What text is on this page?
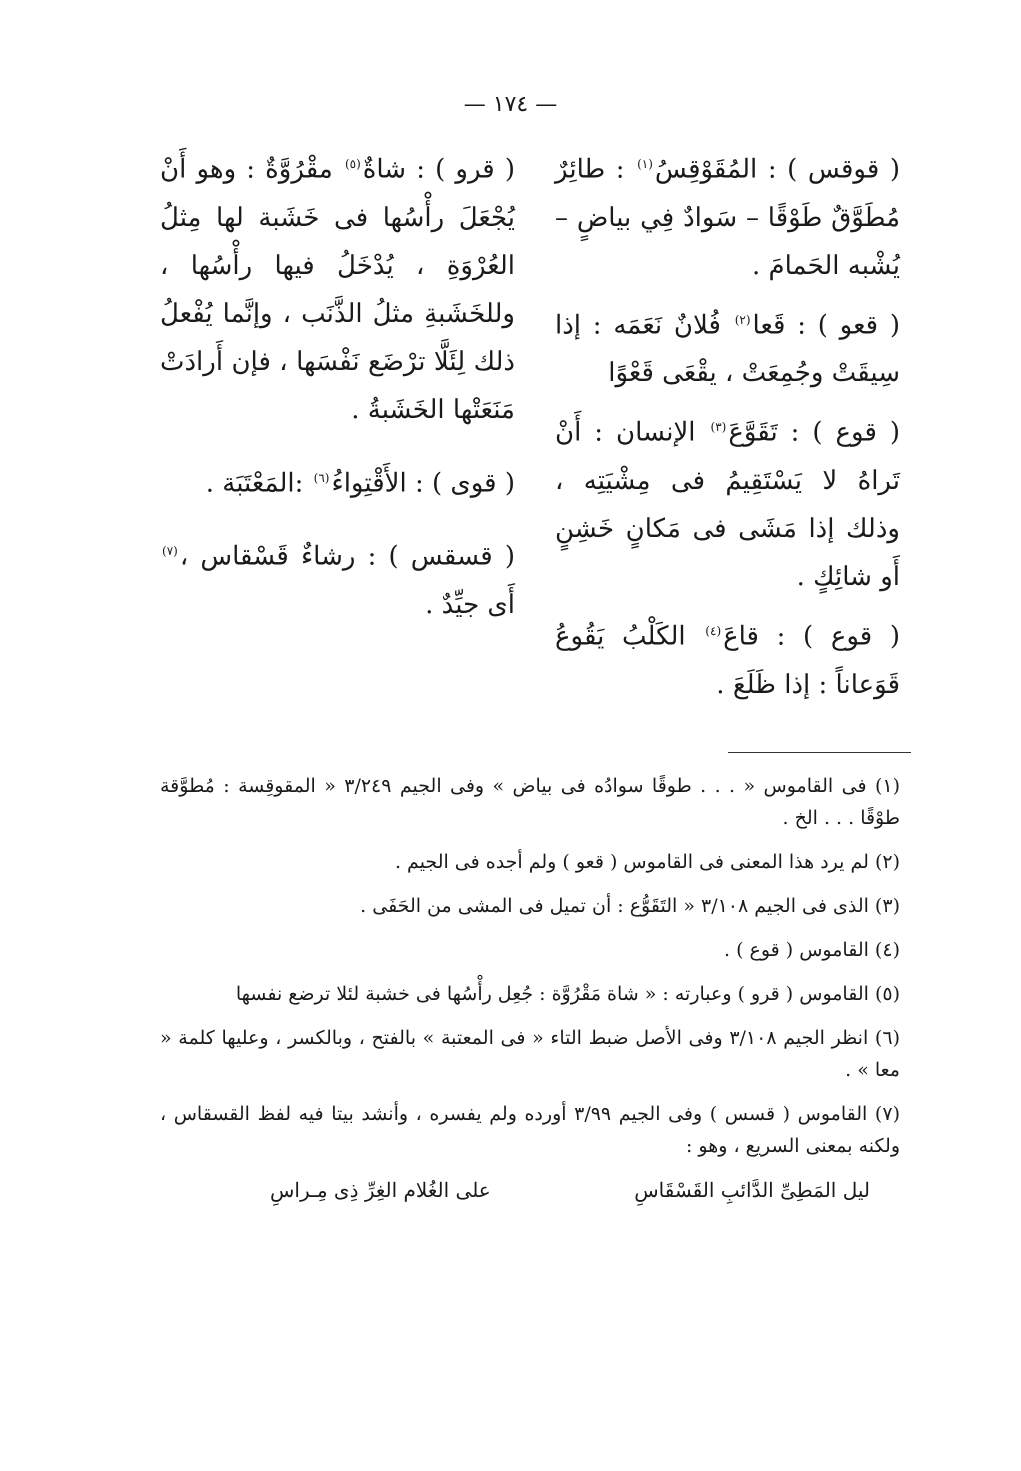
— ١٧٤ —

( قوقس ) : المُقَوْقِسُ$^{(١)}$ : طائِرٌ مُطَوَّقٌ طَوْقًا – سَوادٌ فِي بياضٍ – يُشْبه الحَمامَ .

( قعو ) : قَعا$^{(٢)}$ فُلانٌ نَعَمَه : إذا سِيقَتْ وجُمِعَتْ ، يقْعَى قَعْوًا

( قوع ) : تَقَوَّعَ$^{(٣)}$ الإنسان : أَنْ تَراهُ لا يَسْتَقِيمُ فى مِشْيَتِه ، وذلك إذا مَشَى فى مَكانٍ خَشِنٍ أَو شائِكٍ .

( قوع ) : قاعَ$^{(٤)}$ الكَلْبُ يَقُوعُ قَوَعاناً : إذا ظَلَعَ .

( قرو ) : شاةٌ$^{(٥)}$ مقْرُوَّةٌ : وهو أَنْ يُجْعَلَ رأْسُها فى خَشَبة لها مِثلُ العُرْوَةِ ، يُدْخَلُ فيها رأْسُها ، وللخَشَبةِ مثلُ الذَّنَب ، وإنَّما يُفْعلُ ذلك لِئَلَّا ترْضَع نَفْسَها ، فإن أَرادَتْ مَنَعَتْها الخَشَبةُ .

( قوى ) : الأَقْتِواءُ$^{(٦)}$ :المَعْتَبَة .

( قسقس ) : رشاءٌ قَسْقاس ،$^{(٧)}$ أَى جيِّدٌ .

(١) فى القاموس « . . . طوقًا سوادُه فى بياض » وفى الجيم ٣/٢٤٩ « المقوقِسة : مُطوَّقة طوْقًا . . . الخ .

(٢) لم يرد هذا المعنى فى القاموس ( قعو ) ولم أجده فى الجيم .

(٣) الذى فى الجيم ٣/١٠٨ « التَقَوُّع : أن تميل فى المشى من الحَفَى .

(٤) القاموس ( قوع ) .

(٥) القاموس ( قرو ) وعبارته : « شاة مَقْرُوَّة : جُعِل رأْسُها فى خشبة لئلا ترضع نفسها

(٦) انظر الجيم ٣/١٠٨ وفى الأصل ضبط التاء « فى المعتبة » بالفتح ، وبالكسر ، وعليها كلمة « معا » .

(٧) القاموس ( قسس ) وفى الجيم ٣/٩٩ أورده ولم يفسره ، وأنشد بيتا فيه لفظ القسقاس ، ولكنه بمعنى السريع ، وهو :

ليل المَطِىِّ الدَّائبِ القَسْقَاسِ
على الغُلام الغِرِّ ذِى مِـراسِ
